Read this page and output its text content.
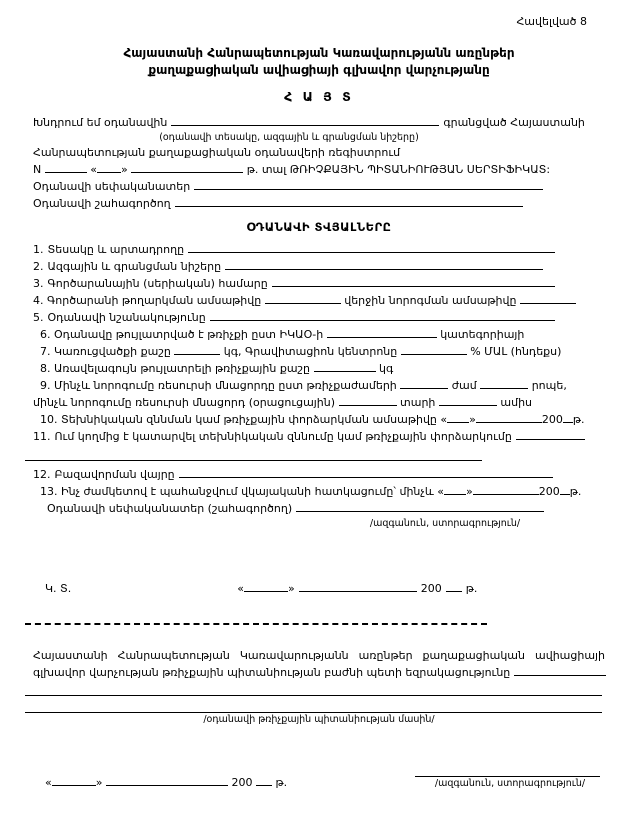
Հավելված 8
Հայաստանի Հանրապետության Կառավարությանն առընթեր
քաղաքացիական ավիացիայի գլխավոր վարչությանը
Հ Ա Յ Տ
Խնդրում եմ օդանավին	գրանցված Հայաստանի
(օդանավի տեսակը, ազգային և գրանցման նիշերը)
Հանրապետության քաղաքացիական օդանավերի ռեգիստրում
N	« »	թ. տալ ԹՌԻՉՔԱՅԻՆ ՊԻՏԱՆԻՈՒԹՅԱՆ ՍԵՐՏԻՖԻԿԱՏ:
Օդանավի սեփականատեր
Օդանավի շահագործող
ՕԴԱՆԱՎԻ ՏՎՅԱԼՆԵՐԸ
1. Տեսակը և արտադրողը
2. Ազգային և գրանցման նիշերը
3. Գործարանային (սերիական) համարը
4. Գործարանի թողարկման ամսաթիվը	վերջին նորոգման ամսաթիվը
5. Օդանավի նշանակությունը
6. Օդանավը թույլատրված է թռիչքի ըստ ԻԿԱՕ-ի	կատեգորիայի
7. Կառուցվածքի քաշը	կգ, Գրավիտացիոն կենտրոնը	% ՄԱԼ (հնդեքս)
8. Առավելագույն թույլատրելի թռիչքային քաշը	կգ
9. Մինչև նորոգումը ռեսուրսի մնացորդը ըստ թռիչքաժամերի	ժամ	րոպե,
մինչև նորոգումը ռեսուրսի մնացորդ (օրացուցային)	տարի	ամիս
10. Տեխնիկական զննման կամ թռիչքային փորձարկման ամսաթիվը « »	200 թ.
11. Ում կողմից է կատարվել տեխնիկական զննումը կամ թռիչքային փորձարկումը
12. Բազավորման վայրը
13. Ինչ ժամկետով է պահանջվում վկայականի հատկացումը՝ մինչև « »	200 թ.
Օդանավի սեփականատեր (շահագործող)
/ազգանուն, ստորագրություն/
Կ. Տ.	«	»	200 թ.
Հայաստանի Հանրապետության Կառավարությանն առընթեր քաղաքացիական ավիացիայի
գլխավոր վարչության թռիչքային պիտանիության բաժնի պետի եզրակացությունը
/օդանավի թռիչքային պիտանիության մասին/
«	»	200 թ.	/ազգանուն, ստորագրություն/
